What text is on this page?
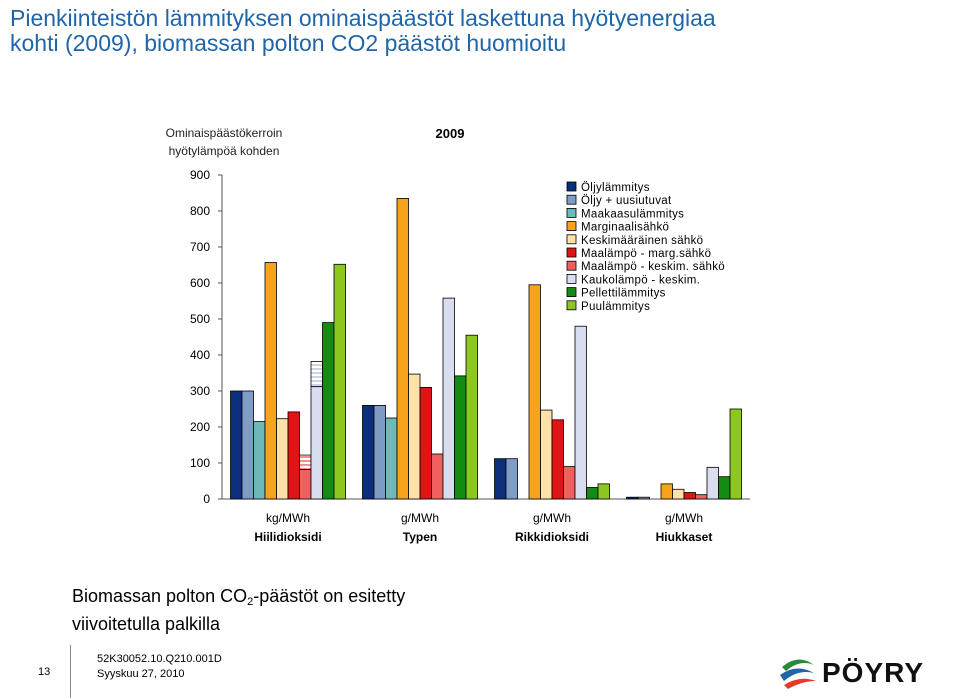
Pienkiinteistön lämmityksen ominaispäästöt laskettuna hyötyenergiaa
kohti (2009), biomassan polton CO2 päästöt huomioitu
0
100
200
300
400
500
600
700
800
900
Ominaispäästökerroin
hyötylämpöä kohden
2009
kg/MWh
Hiilidioksidi
g/MWh
Typen
g/MWh
Rikkidioksidi
g/MWh
Hiukkaset
Öljylämmitys
Öljy + uusiutuvat
Maakaasulämmitys
Marginaalisähkö
Keskimääräinen sähkö
Maalämpö - marg.sähkö
Maalämpö - keskim. sähkö
Kaukolämpö - keskim.
Pellettilämmitys
Puulämmitys
Biomassan polton $CO_2$-päästöt on esitetty
viivoitetulla palkilla
13
52K30052.10.Q210.001D
Syyskuu 27, 2010	PÖYRY
